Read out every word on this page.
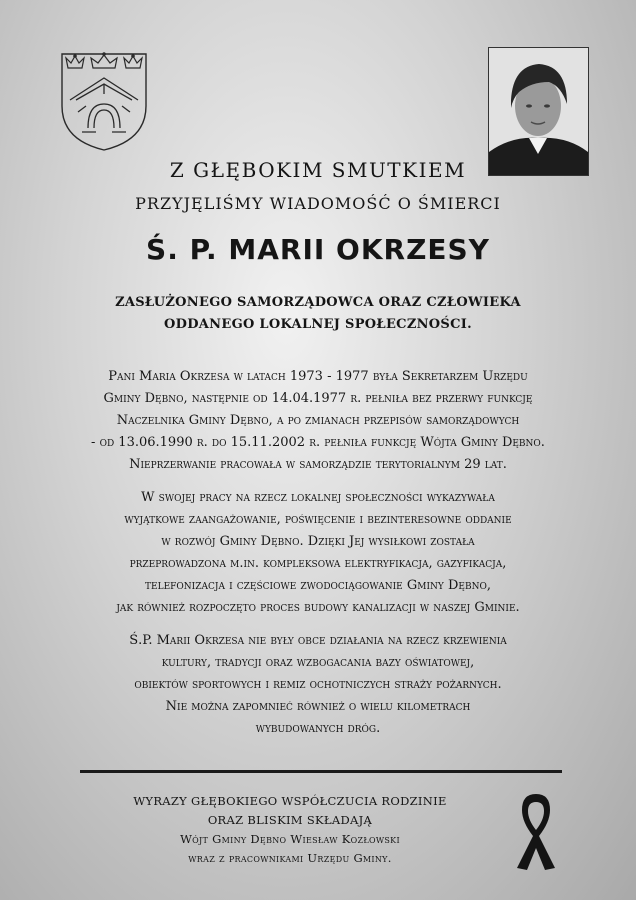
Z GŁĘBOKIM SMUTKIEM
PRZYJĘLIŚMY WIADOMOŚĆ O ŚMIERCI
Ś. P. MARII OKRZESY
ZASŁUŻONEGO SAMORZĄDOWCA ORAZ CZŁOWIEKA
ODDANEGO LOKALNEJ SPOŁECZNOŚCI.
Pani Maria Okrzesa w latach 1973 - 1977 była Sekretarzem Urzędu
Gminy Dębno, następnie od 14.04.1977 r. pełniła bez przerwy funkcję
Naczelnika Gminy Dębno, a po zmianach przepisów samorządowych
- od 13.06.1990 r. do 15.11.2002 r. pełniła funkcję Wójta Gminy Dębno.
Nieprzerwanie pracowała w samorządzie terytorialnym 29 lat.
W swojej pracy na rzecz lokalnej społeczności wykazywała
wyjątkowe zaangażowanie, poświęcenie i bezinteresowne oddanie
w rozwój Gminy Dębno. Dzięki Jej wysiłkowi została
przeprowadzona m.in. kompleksowa elektryfikacja, gazyfikacja,
telefonizacja i częściowe zwodociągowanie Gminy Dębno,
jak również rozpoczęto proces budowy kanalizacji w naszej Gminie.
Ś.P. Marii Okrzesa nie były obce działania na rzecz krzewienia
kultury, tradycji oraz wzbogacania bazy oświatowej,
obiektów sportowych i remiz ochotniczych straży pożarnych.
Nie można zapomnieć również o wielu kilometrach
wybudowanych dróg.
WYRAZY GŁĘBOKIEGO WSPÓŁCZUCIA RODZINIE
ORAZ BLISKIM SKŁADAJĄ
Wójt Gminy Dębno Wiesław Kozłowski
wraz z pracownikami Urzędu Gminy.
